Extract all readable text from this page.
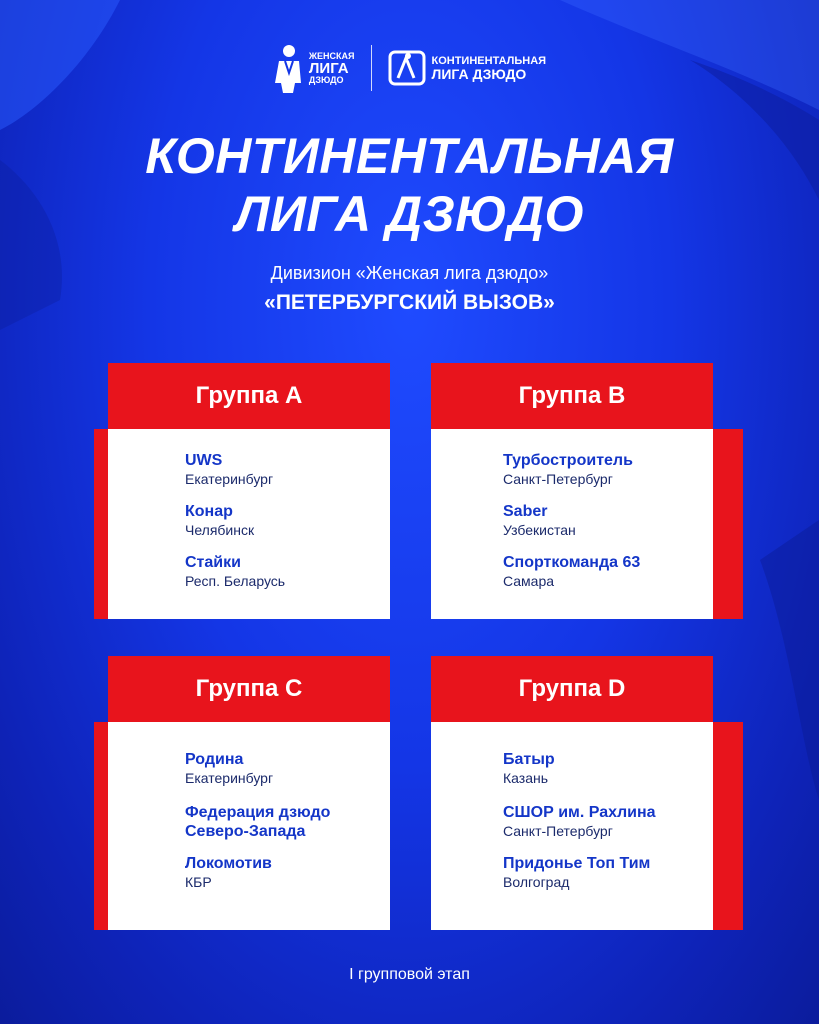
ЖЕНСКАЯ
ЛИГА
ДЗЮДО
КОНТИНЕНТАЛЬНАЯ
ЛИГА ДЗЮДО
КОНТИНЕНТАЛЬНАЯ
ЛИГА ДЗЮДО
Дивизион «Женская лига дзюдо»
«ПЕТЕРБУРГСКИЙ ВЫЗОВ»
Группа A
UWS
Екатеринбург
Конар
Челябинск
Стайки
Респ. Беларусь
Группа B
Турбостроитель
Санкт-Петербург
Saber
Узбекистан
Спорткоманда 63
Самара
Группа C
Родина
Екатеринбург
Федерация дзюдо
Северо-Запада
Локомотив
КБР
Группа D
Батыр
Казань
СШОР им. Рахлина
Санкт-Петербург
Придонье Топ Тим
Волгоград
I групповой этап
